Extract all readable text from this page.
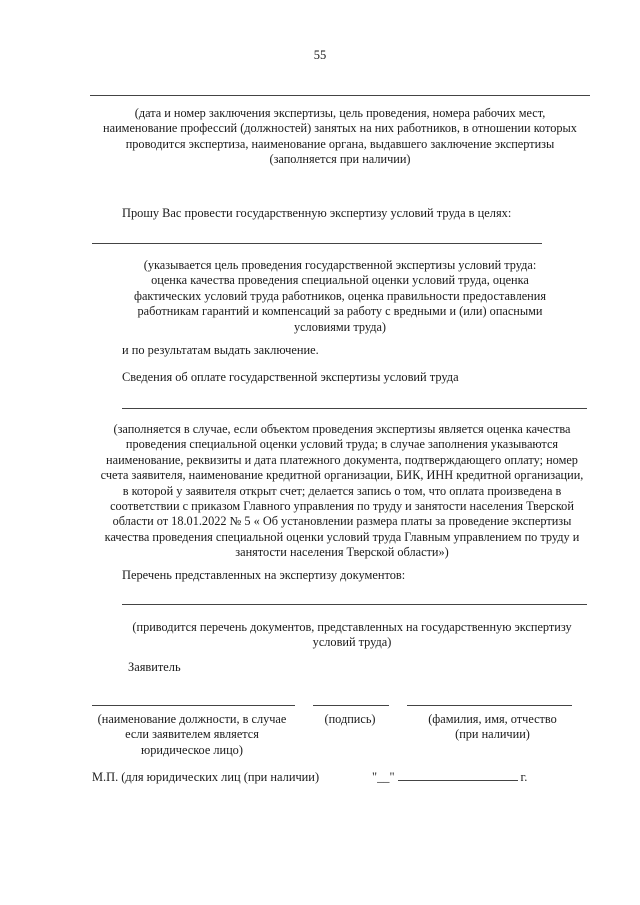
55
(дата и номер заключения экспертизы, цель проведения, номера рабочих мест,
наименование профессий (должностей) занятых на них работников, в отношении которых
проводится экспертиза, наименование органа, выдавшего заключение экспертизы
(заполняется при наличии)
Прошу Вас провести государственную экспертизу условий труда в целях:
(указывается цель проведения государственной экспертизы условий труда:
оценка качества проведения специальной оценки условий труда, оценка
фактических условий труда работников, оценка правильности предоставления
работникам гарантий и компенсаций за работу с вредными и (или) опасными
условиями труда)
и по результатам выдать заключение.
Сведения об оплате государственной экспертизы условий труда
(заполняется в случае, если объектом проведения экспертизы является оценка качества
проведения специальной оценки условий труда; в случае заполнения указываются
наименование, реквизиты и дата платежного документа, подтверждающего оплату; номер
счета заявителя, наименование кредитной организации, БИК, ИНН кредитной организации,
в которой у заявителя открыт счет; делается запись о том, что оплата произведена в
соответствии с приказом Главного управления по труду и занятости населения Тверской
области от 18.01.2022 № 5 « Об установлении размера платы за проведение экспертизы
качества проведения специальной оценки условий труда Главным управлением по труду и
занятости населения Тверской области»)
Перечень представленных на экспертизу документов:
(приводится перечень документов, представленных на государственную экспертизу
условий труда)
Заявитель
(наименование должности, в случае
если заявителем является
юридическое лицо)
(подпись)	(фамилия, имя, отчество
(при наличии)
М.П. (для юридических лиц (при наличии)	"__"	г.
